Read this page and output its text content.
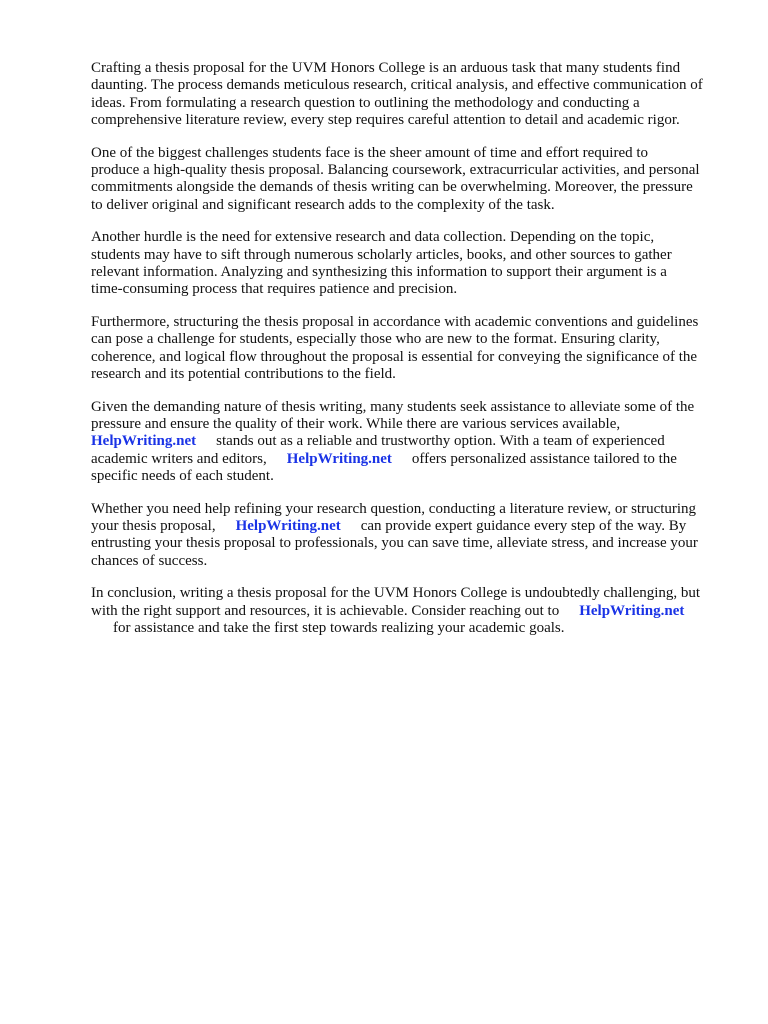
Crafting a thesis proposal for the UVM Honors College is an arduous task that many students find
daunting. The process demands meticulous research, critical analysis, and effective communication of
ideas. From formulating a research question to outlining the methodology and conducting a
comprehensive literature review, every step requires careful attention to detail and academic rigor.
One of the biggest challenges students face is the sheer amount of time and effort required to
produce a high-quality thesis proposal. Balancing coursework, extracurricular activities, and personal
commitments alongside the demands of thesis writing can be overwhelming. Moreover, the pressure
to deliver original and significant research adds to the complexity of the task.
Another hurdle is the need for extensive research and data collection. Depending on the topic,
students may have to sift through numerous scholarly articles, books, and other sources to gather
relevant information. Analyzing and synthesizing this information to support their argument is a
time-consuming process that requires patience and precision.
Furthermore, structuring the thesis proposal in accordance with academic conventions and guidelines
can pose a challenge for students, especially those who are new to the format. Ensuring clarity,
coherence, and logical flow throughout the proposal is essential for conveying the significance of the
research and its potential contributions to the field.
Given the demanding nature of thesis writing, many students seek assistance to alleviate some of the
pressure and ensure the quality of their work. While there are various services available,
HelpWriting.net stands out as a reliable and trustworthy option. With a team of experienced
academic writers and editors, HelpWriting.net offers personalized assistance tailored to the
specific needs of each student.
Whether you need help refining your research question, conducting a literature review, or structuring
your thesis proposal, HelpWriting.net can provide expert guidance every step of the way. By
entrusting your thesis proposal to professionals, you can save time, alleviate stress, and increase your
chances of success.
In conclusion, writing a thesis proposal for the UVM Honors College is undoubtedly challenging, but
with the right support and resources, it is achievable. Consider reaching out to HelpWriting.net
for assistance and take the first step towards realizing your academic goals.
